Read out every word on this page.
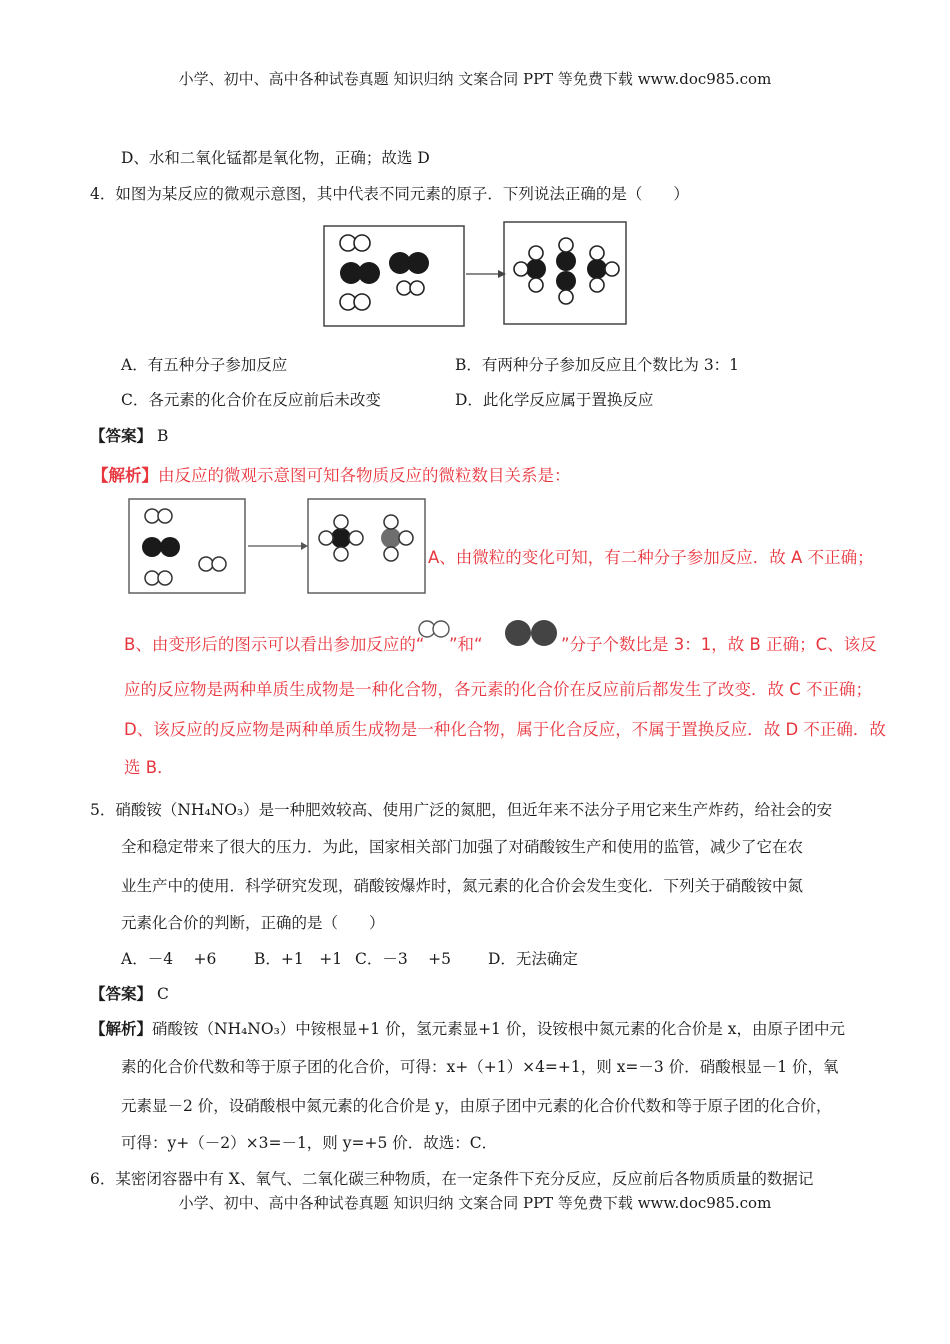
小学、初中、高中各种试卷真题 知识归纳 文案合同 PPT 等免费下载 www.doc985.com
D、水和二氧化锰都是氧化物，正确；故选 D
4．如图为某反应的微观示意图，其中代表不同元素的原子．下列说法正确的是（　　）
A．有五种分子参加反应	B．有两种分子参加反应且个数比为 3：1
C．各元素的化合价在反应前后未改变	D．此化学反应属于置换反应
【答案】 B
【解析】由反应的微观示意图可知各物质反应的微粒数目关系是：
A、由微粒的变化可知，有二种分子参加反应．故 A 不正确；
B、由变形后的图示可以看出参加反应的“ ”和“	”分子个数比是 3：1，故 B 正确；C、该反
应的反应物是两种单质生成物是一种化合物，各元素的化合价在反应前后都发生了改变．故 C 不正确；
D、该反应的反应物是两种单质生成物是一种化合物，属于化合反应，不属于置换反应．故 D 不正确．故
选 B．
5．硝酸铵（NH₄NO₃）是一种肥效较高、使用广泛的氮肥，但近年来不法分子用它来生产炸药，给社会的安
全和稳定带来了很大的压力．为此，国家相关部门加强了对硝酸铵生产和使用的监管，减少了它在农
业生产中的使用．科学研究发现，硝酸铵爆炸时，氮元素的化合价会发生变化．下列关于硝酸铵中氮
元素化合价的判断，正确的是（　　）
A．－4　 +6 B．+1　+1 C．－3　 +5 D．无法确定
【答案】 C
【解析】硝酸铵（NH₄NO₃）中铵根显+1 价，氢元素显+1 价，设铵根中氮元素的化合价是 x，由原子团中元
素的化合价代数和等于原子团的化合价，可得：x+（+1）×4=+1，则 x=－3 价．硝酸根显－1 价，氧
元素显－2 价，设硝酸根中氮元素的化合价是 y，由原子团中元素的化合价代数和等于原子团的化合价，
可得：y+（－2）×3=－1，则 y=+5 价．故选：C．
6．某密闭容器中有 X、氧气、二氧化碳三种物质，在一定条件下充分反应，反应前后各物质质量的数据记
小学、初中、高中各种试卷真题 知识归纳 文案合同 PPT 等免费下载 www.doc985.com
